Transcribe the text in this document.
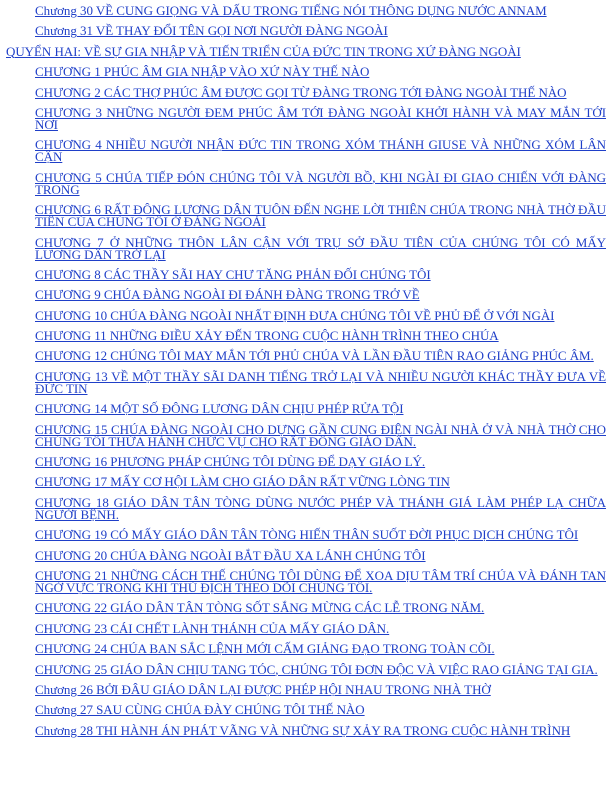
Chương 30 VỀ CUNG GIỌNG VÀ DẤU TRONG TIẾNG NÓI THÔNG DỤNG NƯỚC ANNAM
Chương 31 VỀ THAY ĐỔI TÊN GỌI NƠI NGƯỜI ĐÀNG NGOÀI
QUYỂN HAI: VỀ SỰ GIA NHẬP VÀ TIẾN TRIỂN CỦA ĐỨC TIN TRONG XỨ ĐÀNG NGOÀI
CHƯƠNG 1 PHÚC ÂM GIA NHẬP VÀO XỨ NÀY THẾ NÀO
CHƯƠNG 2 CÁC THỢ PHÚC ÂM ĐƯỢC GỌI TỪ ĐÀNG TRONG TỚI ĐÀNG NGOÀI THẾ NÀO
CHƯƠNG 3 NHỮNG NGƯỜI ĐEM PHÚC ÂM TỚI ĐÀNG NGOÀI KHỞI HÀNH VÀ MAY MẮN TỚI NƠI
CHƯƠNG 4 NHIỀU NGƯỜI NHẬN ĐỨC TIN TRONG XÓM THÁNH GIUSE VÀ NHỮNG XÓM LÂN CẬN
CHƯƠNG 5 CHÚA TIẾP ĐÓN CHÚNG TÔI VÀ NGƯỜI BỒ, KHI NGÀI ĐI GIAO CHIẾN VỚI ĐÀNG TRONG
CHƯƠNG 6 RẤT ĐÔNG LƯƠNG DÂN TUÔN ĐẾN NGHE LỜI THIÊN CHÚA TRONG NHÀ THỜ ĐẦU TIÊN CỦA CHÚNG TÔI Ở ĐÀNG NGOÀI
CHƯƠNG 7 Ở NHỮNG THÔN LÂN CẬN VỚI TRỤ SỞ ĐẦU TIÊN CỦA CHÚNG TÔI CÓ MẤY LƯƠNG DÂN TRỞ LẠI
CHƯƠNG 8 CÁC THẦY SÃI HAY CHƯ TĂNG PHẢN ĐỐI CHÚNG TÔI
CHƯƠNG 9 CHÚA ĐÀNG NGOÀI ĐI ĐÁNH ĐÀNG TRONG TRỞ VỀ
CHƯƠNG 10 CHÚA ĐÀNG NGOÀI NHẤT ĐỊNH ĐƯA CHÚNG TÔI VỀ PHỦ ĐỂ Ở VỚI NGÀI
CHƯƠNG 11 NHỮNG ĐIỀU XẢY ĐẾN TRONG CUỘC HÀNH TRÌNH THEO CHÚA
CHƯƠNG 12 CHÚNG TÔI MAY MẮN TỚI PHỦ CHÚA VÀ LẦN ĐẦU TIÊN RAO GIẢNG PHÚC ÂM.
CHƯƠNG 13 VỀ MỘT THẦY SÃI DANH TIẾNG TRỞ LẠI VÀ NHIỀU NGƯỜI KHÁC THẦY ĐƯA VỀ ĐỨC TIN
CHƯƠNG 14 MỘT SỐ ĐÔNG LƯƠNG DÂN CHỊU PHÉP RỬA TỘI
CHƯƠNG 15 CHÚA ĐÀNG NGOÀI CHO DỰNG GẦN CUNG ĐIỆN NGÀI NHÀ Ở VÀ NHÀ THỜ CHO CHÚNG TÔI THỪA HÀNH CHỨC VỤ CHO RẤT ĐÔNG GIÁO DÂN.
CHƯƠNG 16 PHƯƠNG PHÁP CHÚNG TÔI DÙNG ĐỂ DẠY GIÁO LÝ.
CHƯƠNG 17 MẤY CƠ HỘI LÀM CHO GIÁO DÂN RẤT VỮNG LÒNG TIN
CHƯƠNG 18 GIÁO DÂN TÂN TÒNG DÙNG NƯỚC PHÉP VÀ THÁNH GIÁ LÀM PHÉP LẠ CHỮA NGƯỜI BỆNH.
CHƯƠNG 19 CÓ MẤY GIÁO DÂN TÂN TÒNG HIẾN THÂN SUỐT ĐỜI PHỤC DỊCH CHÚNG TÔI
CHƯƠNG 20 CHÚA ĐÀNG NGOÀI BẮT ĐẦU XA LÁNH CHÚNG TÔI
CHƯƠNG 21 NHỮNG CÁCH THẾ CHÚNG TÔI DÙNG ĐỂ XOA DỊU TÂM TRÍ CHÚA VÀ ĐÁNH TAN NGỜ VỰC TRONG KHI THÙ ĐỊCH THEO DÕI CHÚNG TÔI.
CHƯƠNG 22 GIÁO DÂN TÂN TÒNG SỐT SẮNG MỪNG CÁC LỄ TRONG NĂM.
CHƯƠNG 23 CÁI CHẾT LÀNH THÁNH CỦA MẤY GIÁO DÂN.
CHƯƠNG 24 CHÚA BAN SẮC LỆNH MỚI CẤM GIẢNG ĐẠO TRONG TOÀN CÕI.
CHƯƠNG 25 GIÁO DÂN CHỊU TANG TÓC, CHÚNG TÔI ĐƠN ĐỘC VÀ VIỆC RAO GIẢNG TẠI GIA.
Chương 26 BỞI ĐÂU GIÁO DÂN LẠI ĐƯỢC PHÉP HỘI NHAU TRONG NHÀ THỜ
Chương 27 SAU CÙNG CHÚA ĐÀY CHÚNG TÔI THẾ NÀO
Chương 28 THI HÀNH ÁN PHÁT VÃNG VÀ NHỮNG SỰ XẢY RA TRONG CUỘC HÀNH TRÌNH
